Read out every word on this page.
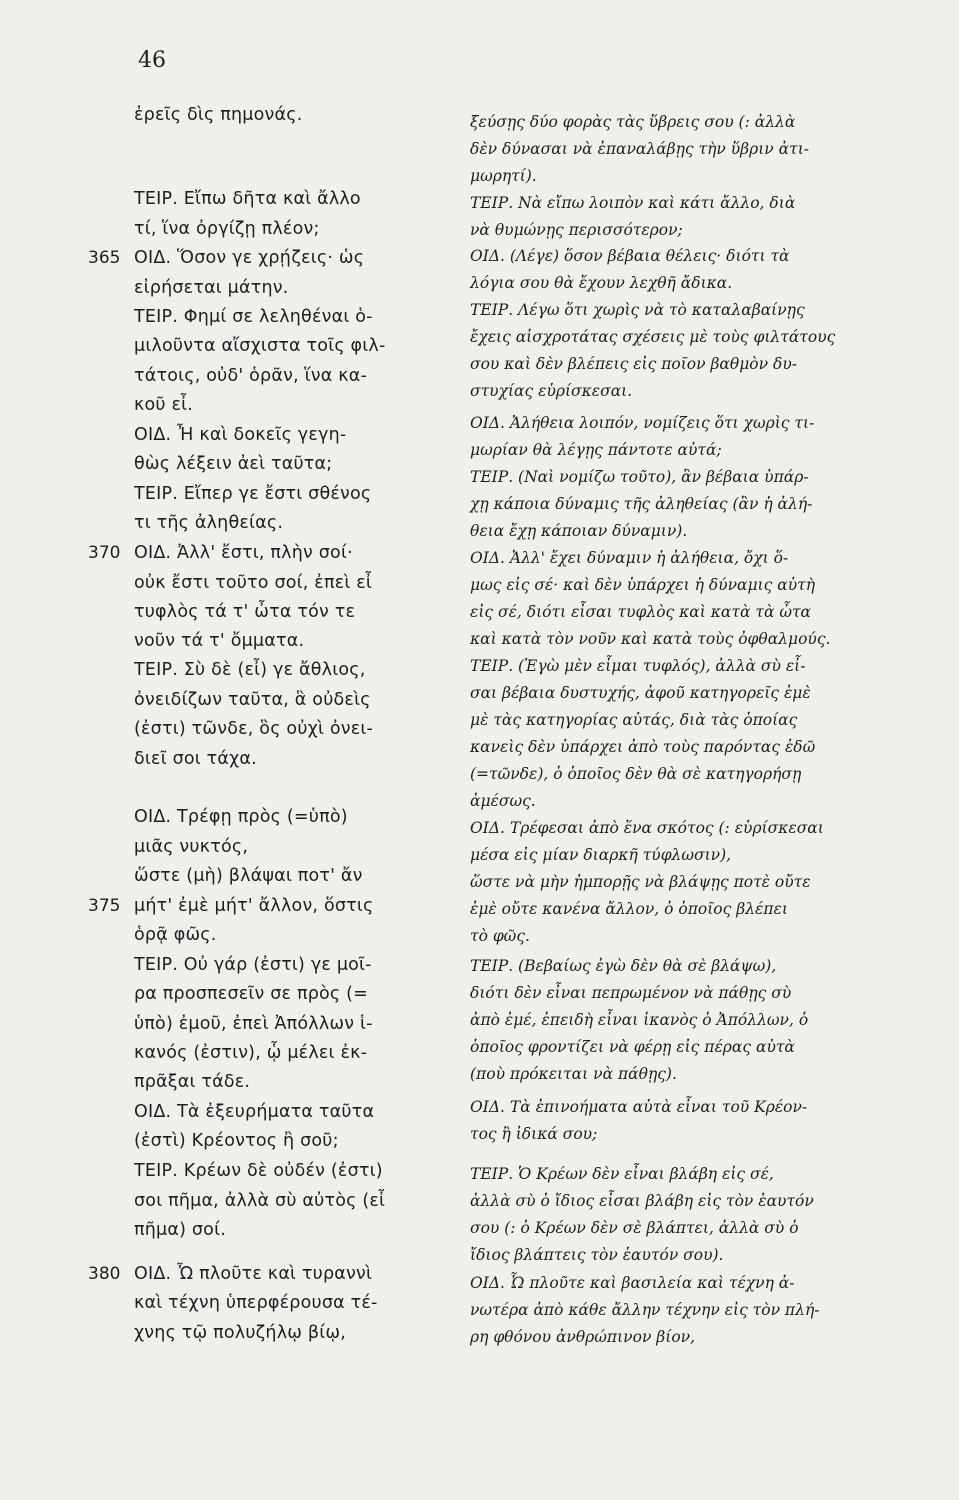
46
ἐρεῖς δὶς πημονάς.
ΤΕΙΡ. Εἴπω δῆτα καὶ ἄλλο
τί, ἵνα ὀργίζῃ πλέον;
ΟΙΔ. Ὅσον γε χρῄζεις· ὡς
εἰρήσεται μάτην.
ΤΕΙΡ. Φημί σε λεληθέναι ὁ-
μιλοῦντα αἴσχιστα τοῖς φιλ-
τάτοις, οὐδ' ὁρᾶν, ἵνα κα-
κοῦ εἶ.
ΟΙΔ. Ἦ καὶ δοκεῖς γεγη-
θὼς λέξειν ἀεὶ ταῦτα;
ΤΕΙΡ. Εἴπερ γε ἔστι σθένος
τι τῆς ἀληθείας.
ΟΙΔ. Ἀλλ' ἔστι, πλὴν σοί·
οὐκ ἔστι τοῦτο σοί, ἐπεὶ εἶ
τυφλὸς τά τ' ὦτα τόν τε
νοῦν τά τ' ὄμματα.
ΤΕΙΡ. Σὺ δὲ (εἶ) γε ἄθλιος,
ὀνειδίζων ταῦτα, ἃ οὐδεὶς
(ἐστι) τῶνδε, ὃς οὐχὶ ὀνει-
διεῖ σοι τάχα.
ΟΙΔ. Τρέφῃ πρὸς (=ὑπὸ)
μιᾶς νυκτός,
ὥστε (μὴ) βλάψαι ποτ' ἄν
μήτ' ἐμὲ μήτ' ἄλλον, ὅστις
ὁρᾷ φῶς.
ΤΕΙΡ. Οὐ γάρ (ἐστι) γε μοῖ-
ρα προσπεσεῖν σε πρὸς (=
ὑπὸ) ἐμοῦ, ἐπεὶ Ἀπόλλων ἱ-
κανός (ἐστιν), ᾧ μέλει ἐκ-
πρᾶξαι τάδε.
ΟΙΔ. Τὰ ἐξευρήματα ταῦτα
(ἐστὶ) Κρέοντος ἢ σοῦ;
ΤΕΙΡ. Κρέων δὲ οὐδέν (ἐστι)
σοι πῆμα, ἀλλὰ σὺ αὐτὸς (εἶ
πῆμα) σοί.
ΟΙΔ. Ὦ πλοῦτε καὶ τυραννὶ
καὶ τέχνη ὑπερφέρουσα τέ-
χνης τῷ πολυζήλῳ βίῳ,
365
370
375
380
ξεύσῃς δύο φορὰς τὰς ὕβρεις σου (: ἀλλὰ
δὲν δύνασαι νὰ ἐπαναλάβῃς τὴν ὕβριν ἀτι-
μωρητί).
ΤΕΙΡ. Νὰ εἴπω λοιπὸν καὶ κάτι ἄλλο, διὰ
νὰ θυμώνῃς περισσότερον;
ΟΙΔ. (Λέγε) ὅσον βέβαια θέλεις· διότι τὰ
λόγια σου θὰ ἔχουν λεχθῆ ἄδικα.
ΤΕΙΡ. Λέγω ὅτι χωρὶς νὰ τὸ καταλαβαίνῃς
ἔχεις αἰσχροτάτας σχέσεις μὲ τοὺς φιλτάτους
σου καὶ δὲν βλέπεις εἰς ποῖον βαθμὸν δυ-
στυχίας εὑρίσκεσαι.
ΟΙΔ. Ἀλήθεια λοιπόν, νομίζεις ὅτι χωρὶς τι-
μωρίαν θὰ λέγῃς πάντοτε αὐτά;
ΤΕΙΡ. (Ναὶ νομίζω τοῦτο), ἂν βέβαια ὑπάρ-
χῃ κάποια δύναμις τῆς ἀληθείας (ἂν ἡ ἀλή-
θεια ἔχῃ κάποιαν δύναμιν).
ΟΙΔ. Ἀλλ' ἔχει δύναμιν ἡ ἀλήθεια, ὄχι ὅ-
μως εἰς σέ· καὶ δὲν ὑπάρχει ἡ δύναμις αὐτὴ
εἰς σέ, διότι εἶσαι τυφλὸς καὶ κατὰ τὰ ὦτα
καὶ κατὰ τὸν νοῦν καὶ κατὰ τοὺς ὀφθαλμούς.
ΤΕΙΡ. (Ἐγὼ μὲν εἶμαι τυφλός), ἀλλὰ σὺ εἶ-
σαι βέβαια δυστυχής, ἀφοῦ κατηγορεῖς ἐμὲ
μὲ τὰς κατηγορίας αὐτάς, διὰ τὰς ὁποίας
κανεὶς δὲν ὑπάρχει ἀπὸ τοὺς παρόντας ἐδῶ
(=τῶνδε), ὁ ὁποῖος δὲν θὰ σὲ κατηγορήσῃ
ἀμέσως.
ΟΙΔ. Τρέφεσαι ἀπὸ ἕνα σκότος (: εὑρίσκεσαι
μέσα εἰς μίαν διαρκῆ τύφλωσιν),
ὥστε νὰ μὴν ἠμπορῇς νὰ βλάψῃς ποτὲ οὔτε
ἐμὲ οὔτε κανένα ἄλλον, ὁ ὁποῖος βλέπει
τὸ φῶς.
ΤΕΙΡ. (Βεβαίως ἐγὼ δὲν θὰ σὲ βλάψω),
διότι δὲν εἶναι πεπρωμένον νὰ πάθῃς σὺ
ἀπὸ ἐμέ, ἐπειδὴ εἶναι ἱκανὸς ὁ Ἀπόλλων, ὁ
ὁποῖος φροντίζει νὰ φέρῃ εἰς πέρας αὐτὰ
(ποὺ πρόκειται νὰ πάθῃς).
ΟΙΔ. Τὰ ἐπινοήματα αὐτὰ εἶναι τοῦ Κρέον-
τος ἢ ἰδικά σου;
ΤΕΙΡ. Ὁ Κρέων δὲν εἶναι βλάβη εἰς σέ,
ἀλλὰ σὺ ὁ ἴδιος εἶσαι βλάβη εἰς τὸν ἑαυτόν
σου (: ὁ Κρέων δὲν σὲ βλάπτει, ἀλλὰ σὺ ὁ
ἴδιος βλάπτεις τὸν ἑαυτόν σου).
ΟΙΔ. Ὦ πλοῦτε καὶ βασιλεία καὶ τέχνη ἀ-
νωτέρα ἀπὸ κάθε ἄλλην τέχνην εἰς τὸν πλή-
ρη φθόνου ἀνθρώπινον βίον,
